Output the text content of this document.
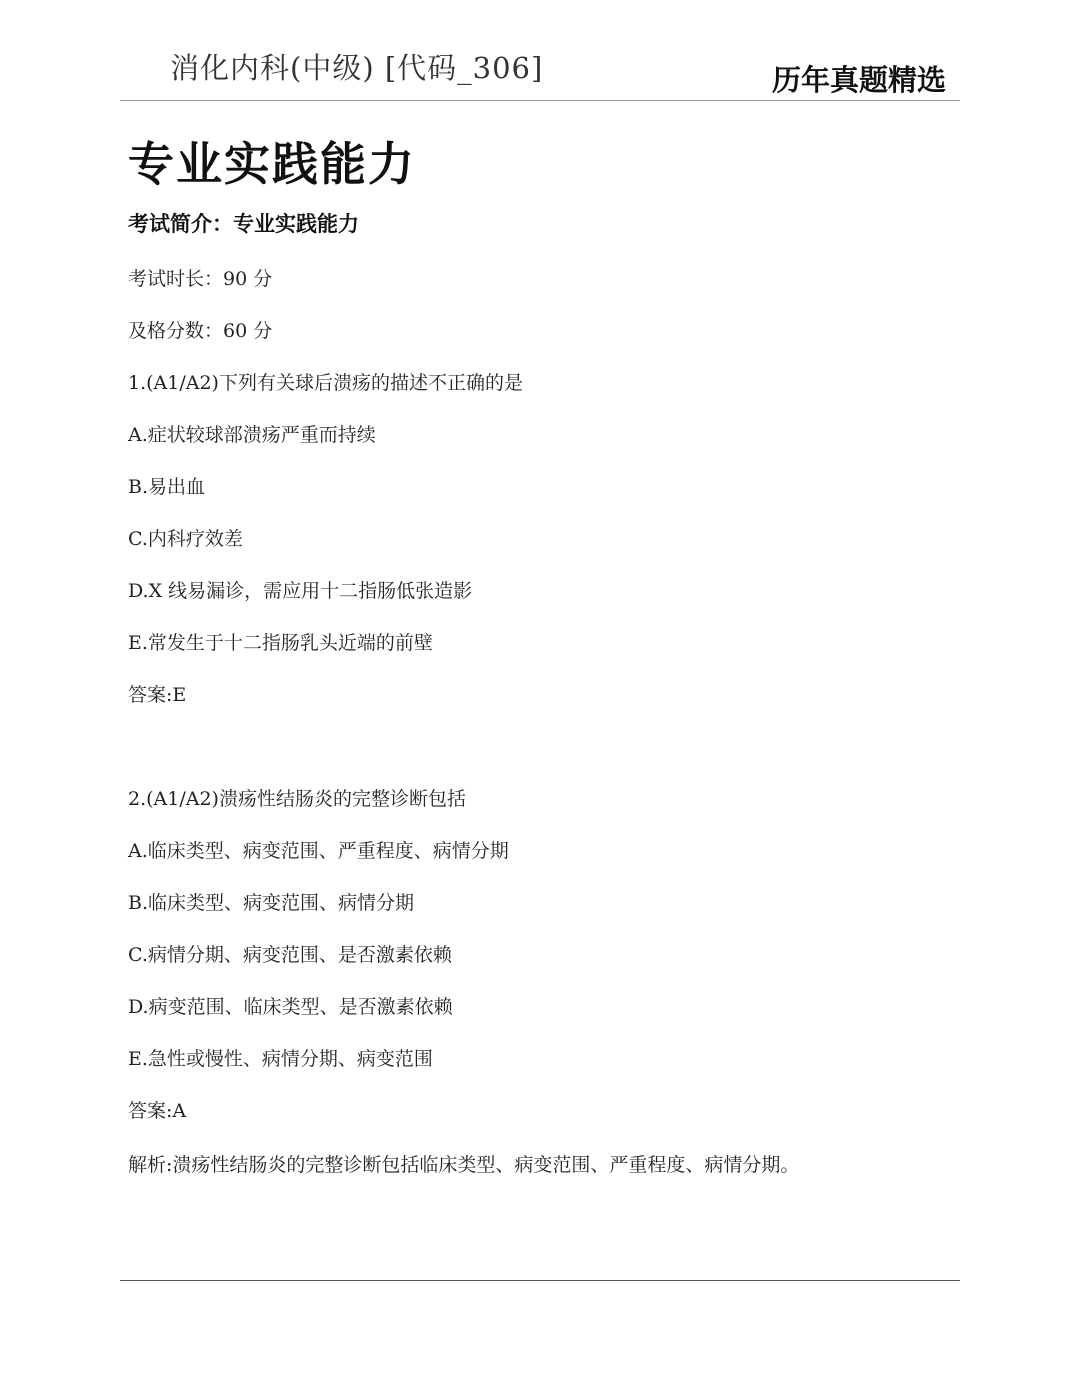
消化内科(中级) [代码_306]	历年真题精选
专业实践能力
考试简介：专业实践能力
考试时长：90 分
及格分数：60 分
1.(A1/A2)下列有关球后溃疡的描述不正确的是
A.症状较球部溃疡严重而持续
B.易出血
C.内科疗效差
D.X 线易漏诊，需应用十二指肠低张造影
E.常发生于十二指肠乳头近端的前壁
答案:E
2.(A1/A2)溃疡性结肠炎的完整诊断包括
A.临床类型、病变范围、严重程度、病情分期
B.临床类型、病变范围、病情分期
C.病情分期、病变范围、是否激素依赖
D.病变范围、临床类型、是否激素依赖
E.急性或慢性、病情分期、病变范围
答案:A
解析:溃疡性结肠炎的完整诊断包括临床类型、病变范围、严重程度、病情分期。
